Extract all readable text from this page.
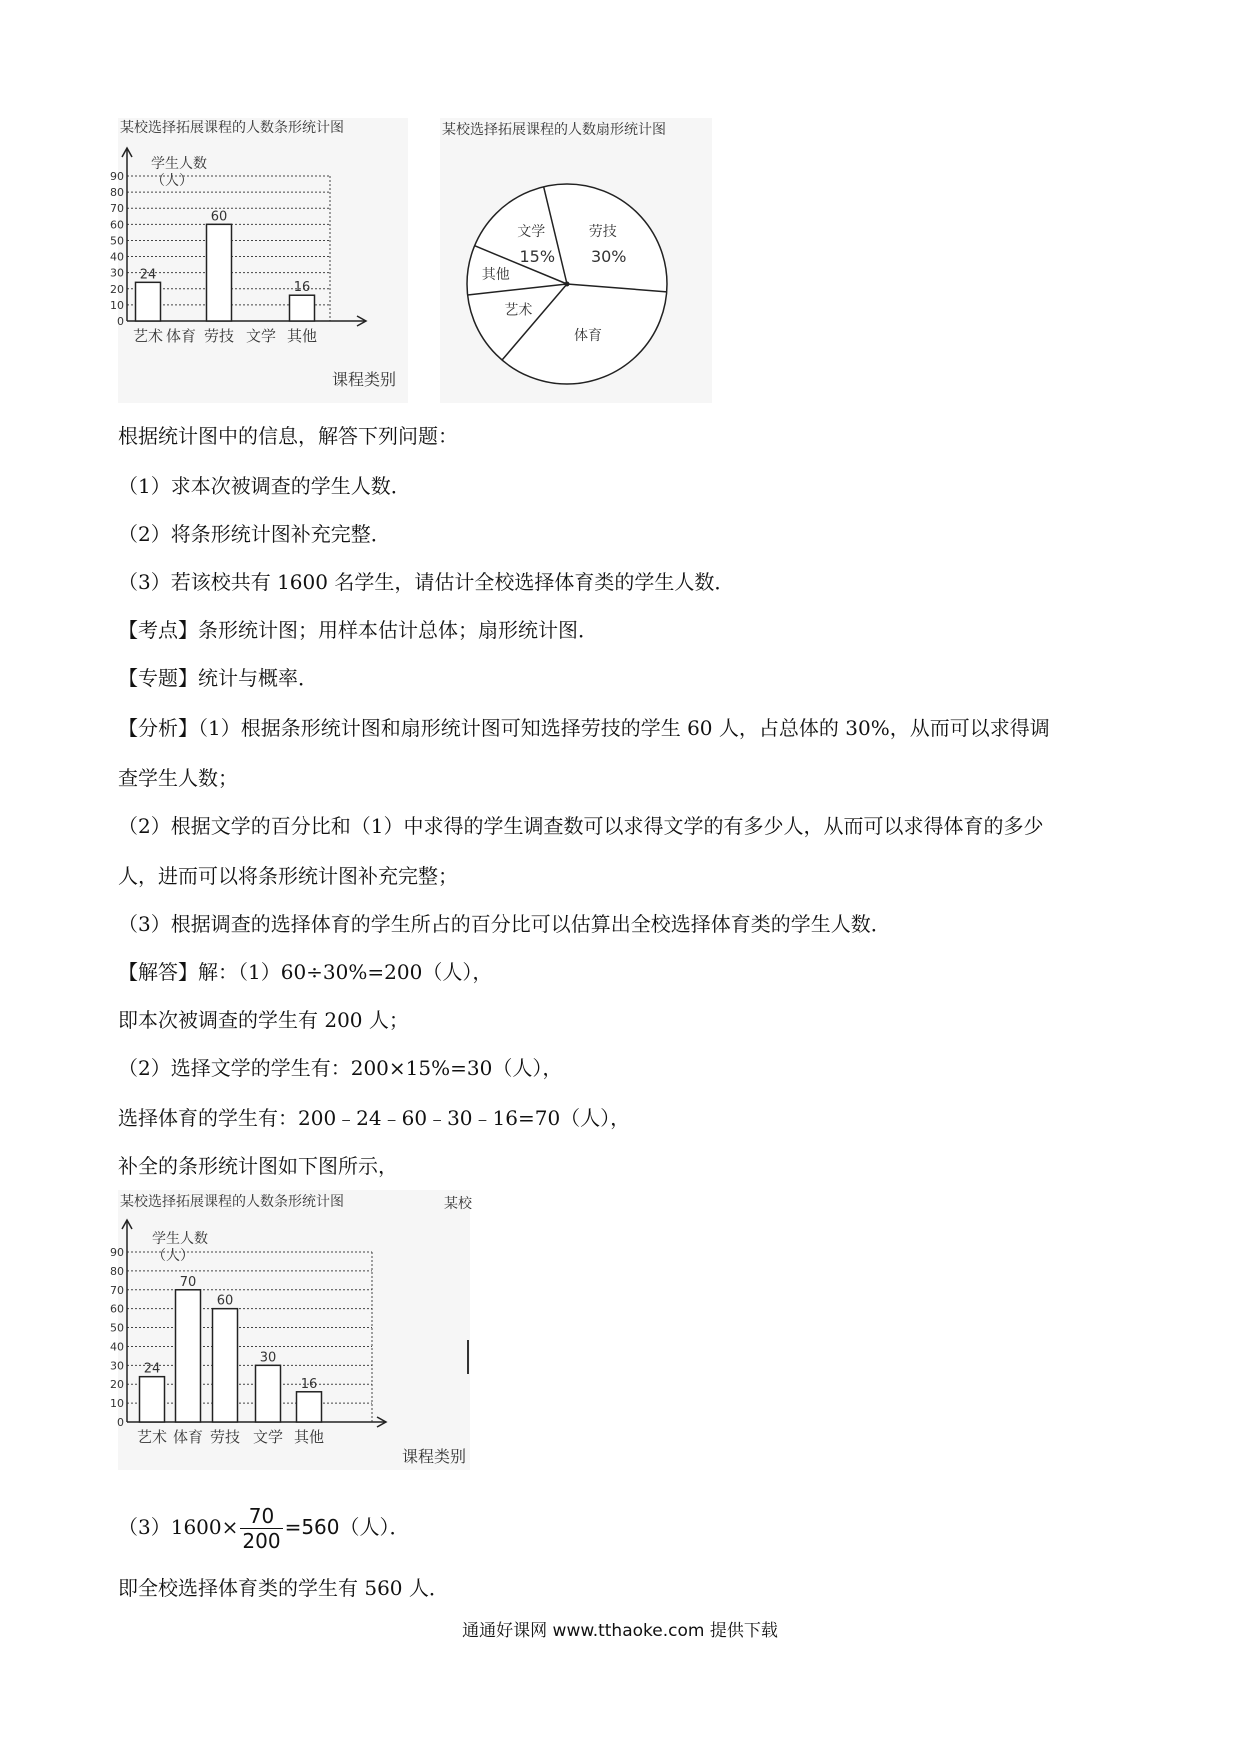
某校选择拓展课程的人数条形统计图
学生人数
（人）
课程类别
0
10
20
30
40
50
60
70
80
90
24
艺术 体育
60
劳技 文学
16
其他
某校选择拓展课程的人数扇形统计图
劳技
30%
体育
艺术
其他
文学
15%
根据统计图中的信息，解答下列问题：
（1）求本次被调查的学生人数．
（2）将条形统计图补充完整．
（3）若该校共有 1600 名学生，请估计全校选择体育类的学生人数．
【考点】条形统计图；用样本估计总体；扇形统计图．
【专题】统计与概率．
【分析】（1）根据条形统计图和扇形统计图可知选择劳技的学生 60 人，占总体的 30%，从而可以求得调
查学生人数；
（2）根据文学的百分比和（1）中求得的学生调查数可以求得文学的有多少人，从而可以求得体育的多少
人，进而可以将条形统计图补充完整；
（3）根据调查的选择体育的学生所占的百分比可以估算出全校选择体育类的学生人数．
【解答】解：（1）60÷30%=200（人），
即本次被调查的学生有 200 人；
（2）选择文学的学生有：200×15%=30（人），
选择体育的学生有：200﹣24﹣60﹣30﹣16=70（人），
补全的条形统计图如下图所示，
某校选择拓展课程的人数条形统计图	某校
学生人数
（人）
课程类别
0
10
20
30
40
50
60
70
80
90
24
艺术
70
体育
60
劳技
30
文学
16
其他
$(3)1600\times \frac{70}{200} =560$（人）．
即全校选择体育类的学生有 560 人．
通通好课网 www.tthaoke.com 提供下载
